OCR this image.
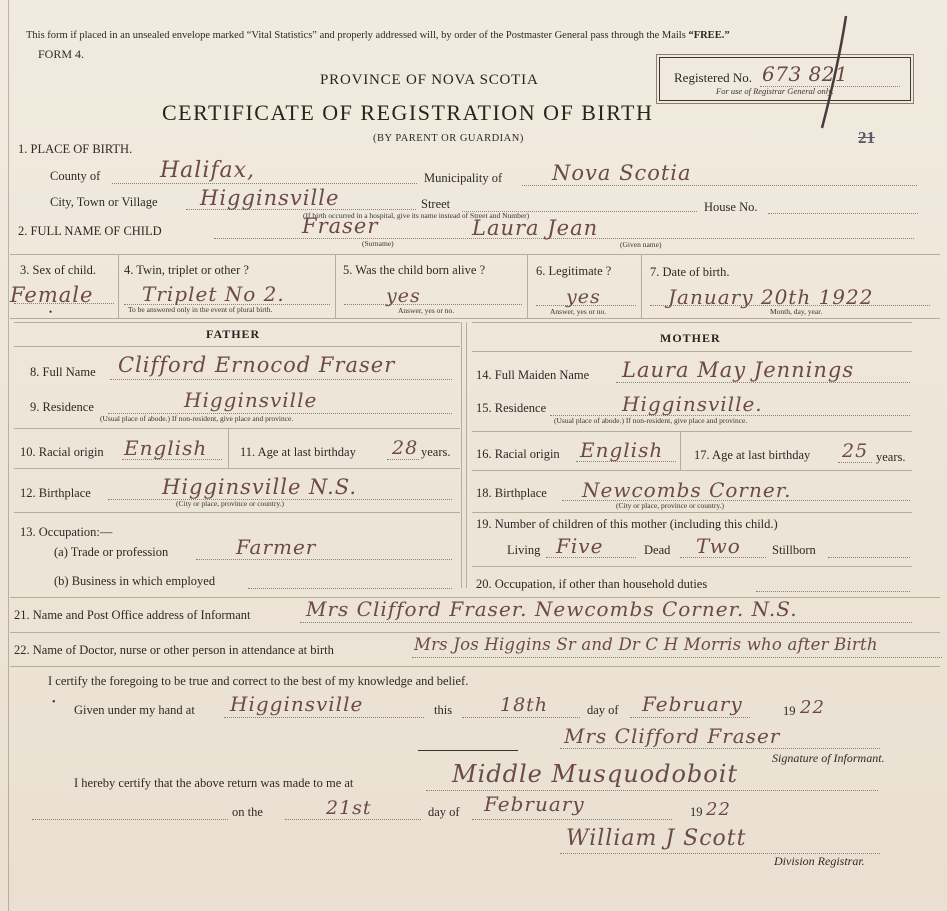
This form if placed in an unsealed envelope marked “Vital Statistics” and properly addressed will, by order of the Postmaster General pass through the Mails “FREE.”
FORM 4.
PROVINCE OF NOVA SCOTIA
CERTIFICATE OF REGISTRATION OF BIRTH
(BY PARENT OR GUARDIAN)
Registered No. 673 821
For use of Registrar General only.
21
1. PLACE OF BIRTH.
County of	Halifax,	Municipality of Nova Scotia
City, Town or Village Higginsville	Street	House No.
(If birth occurred in a hospital, give its name instead of Street and Number)
2. FULL NAME OF CHILD	Fraser	Laura Jean
(Surname)	(Given name)
3. Sex of child.
Female
4. Twin, triplet or other ?
Triplet No 2.
To be answered only in the event of plural birth.
5. Was the child born alive ?
yes
Answer, yes or no.
6. Legitimate ?
yes
Answer, yes or no.
7. Date of birth.
January 20th 1922
Month, day, year.
FATHER	MOTHER
8. Full Name Clifford Ernocod Fraser
9. Residence	Higginsville
(Usual place of abode.) If non-resident, give place and province.
10. Racial origin English	11. Age at last birthday 28 years.
12. Birthplace	Higginsville N.S.
(City or place, province or country.)
13. Occupation:—
(a) Trade or profession	Farmer
(b) Business in which employed
14. Full Maiden Name Laura May Jennings
15. Residence	Higginsville.
(Usual place of abode.) If non-resident, give place and province.
16. Racial origin English 17. Age at last birthday 25 years.
18. Birthplace Newcombs Corner.
(City or place, province or country.)
19. Number of children of this mother (including this child.)
Living Five	Dead Two Stillborn
20. Occupation, if other than household duties
21. Name and Post Office address of Informant	Mrs Clifford Fraser. Newcombs Corner. N.S.
22. Name of Doctor, nurse or other person in attendance at birth	Mrs Jos Higgins Sr and Dr C H Morris who after Birth
I certify the foregoing to be true and correct to the best of my knowledge and belief.
Given under my hand at Higginsville	this	18th	day of February	19 22
Mrs Clifford Fraser
Signature of Informant.
I hereby certify that the above return was made to me at	Middle Musquodoboit
on the	21st	day of February	19 22
William J Scott
Division Registrar.
•
•
